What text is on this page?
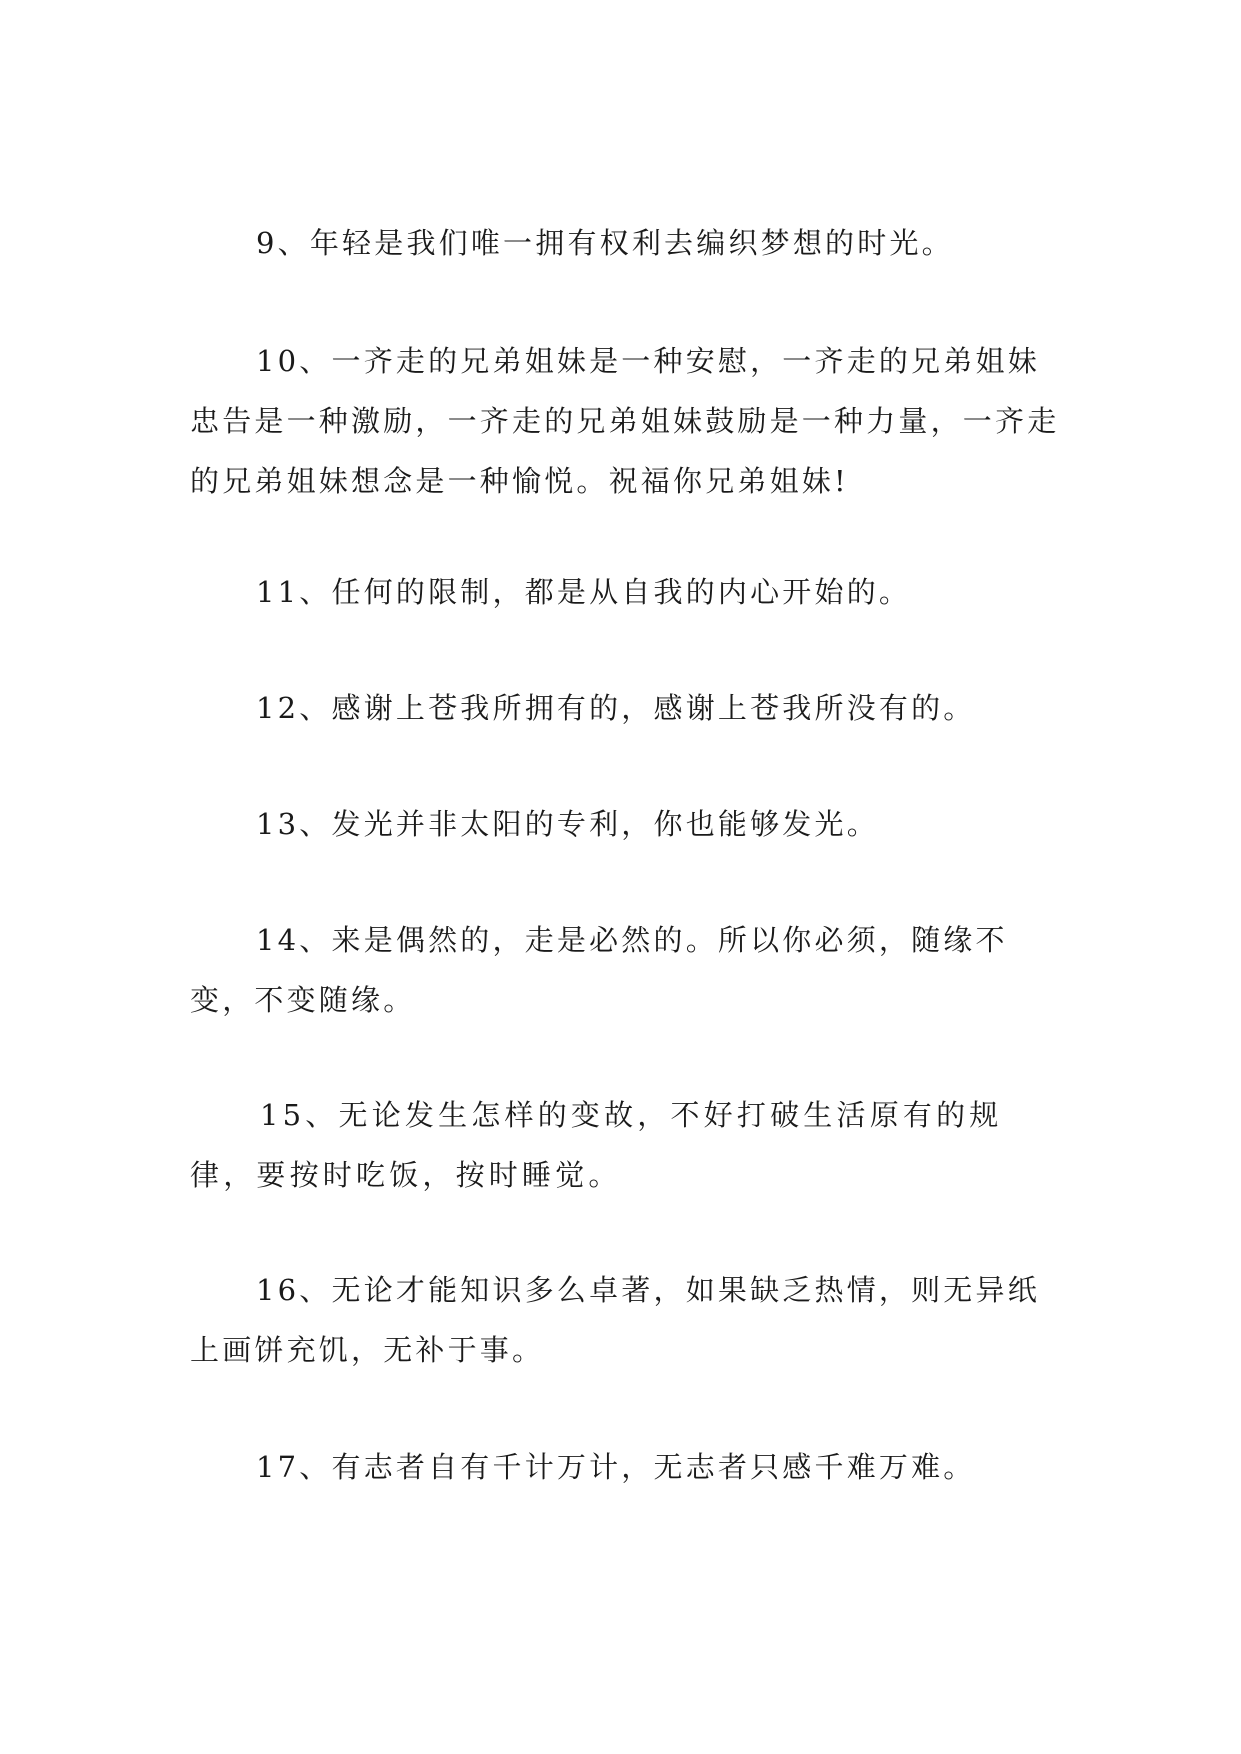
9、年轻是我们唯一拥有权利去编织梦想的时光。

10、一齐走的兄弟姐妹是一种安慰，一齐走的兄弟姐妹忠告是一种激励，一齐走的兄弟姐妹鼓励是一种力量，一齐走的兄弟姐妹想念是一种愉悦。祝福你兄弟姐妹!

11、任何的限制，都是从自我的内心开始的。

12、感谢上苍我所拥有的，感谢上苍我所没有的。

13、发光并非太阳的专利，你也能够发光。

14、来是偶然的，走是必然的。所以你必须，随缘不变，不变随缘。

15、无论发生怎样的变故，不好打破生活原有的规律，要按时吃饭，按时睡觉。

16、无论才能知识多么卓著，如果缺乏热情，则无异纸上画饼充饥，无补于事。

17、有志者自有千计万计，无志者只感千难万难。
